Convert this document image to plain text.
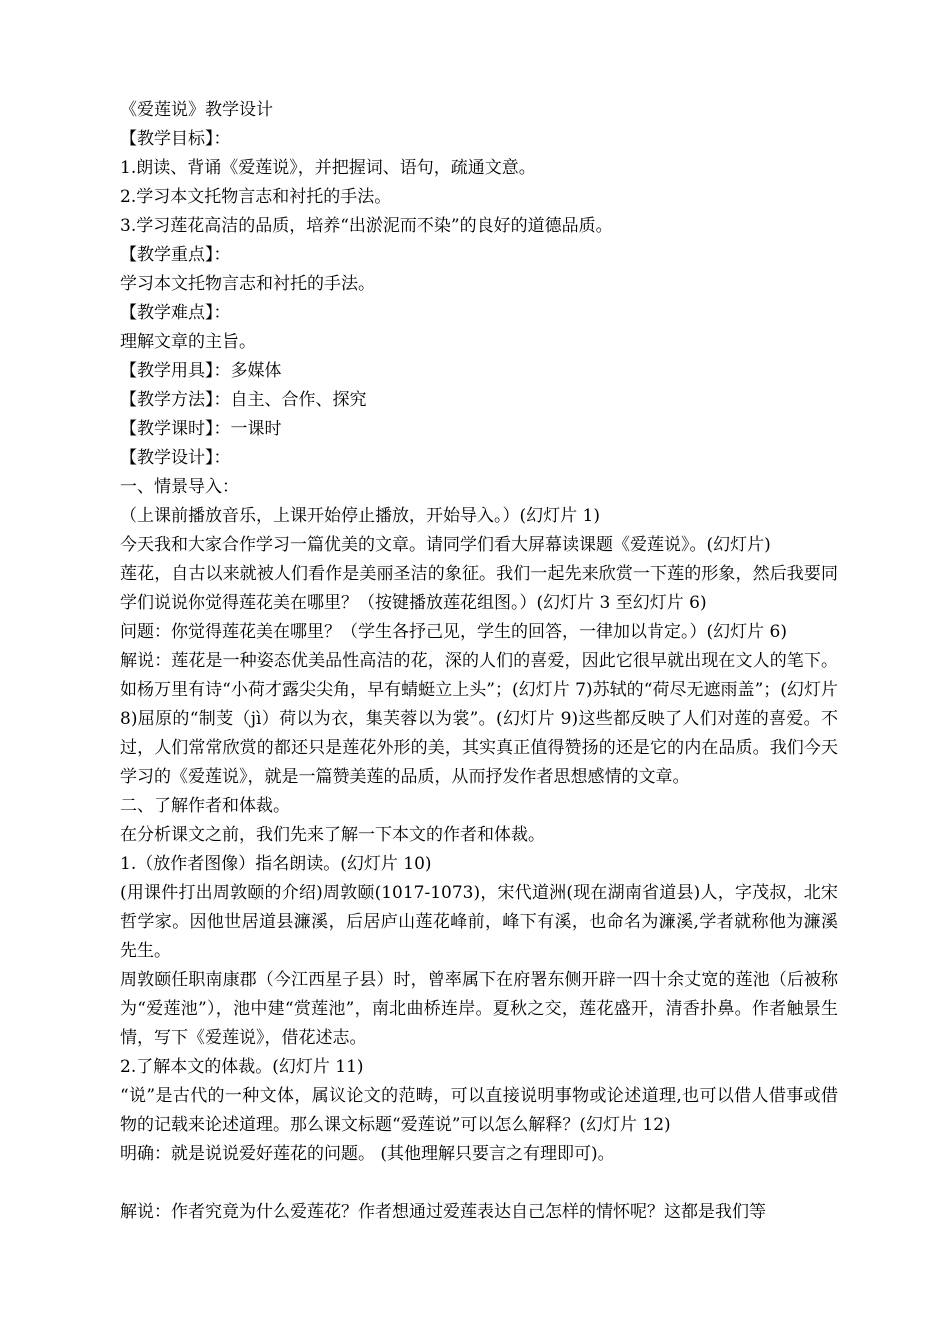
《爱莲说》教学设计

【教学目标】：

1.朗读、背诵《爱莲说》，并把握词、语句，疏通文意。

2.学习本文托物言志和衬托的手法。

3.学习莲花高洁的品质，培养“出淤泥而不染”的良好的道德品质。

【教学重点】：

学习本文托物言志和衬托的手法。

【教学难点】：

理解文章的主旨。

【教学用具】：多媒体

【教学方法】：自主、合作、探究

【教学课时】：一课时

【教学设计】：

一、情景导入：

（上课前播放音乐，上课开始停止播放，开始导入。）(幻灯片 1)

今天我和大家合作学习一篇优美的文章。请同学们看大屏幕读课题《爱莲说》。(幻灯片)

莲花，自古以来就被人们看作是美丽圣洁的象征。我们一起先来欣赏一下莲的形象，然后我要同学们说说你觉得莲花美在哪里？（按键播放莲花组图。）(幻灯片 3 至幻灯片 6)

问题：你觉得莲花美在哪里？（学生各抒己见，学生的回答，一律加以肯定。）(幻灯片 6)

解说：莲花是一种姿态优美品性高洁的花，深的人们的喜爱，因此它很早就出现在文人的笔下。如杨万里有诗“小荷才露尖尖角，早有蜻蜓立上头”；(幻灯片 7)苏轼的“荷尽无遮雨盖”；(幻灯片 8)屈原的“制芰（jì）荷以为衣，集芙蓉以为裳”。(幻灯片 9)这些都反映了人们对莲的喜爱。不过，人们常常欣赏的都还只是莲花外形的美，其实真正值得赞扬的还是它的内在品质。我们今天学习的《爱莲说》，就是一篇赞美莲的品质，从而抒发作者思想感情的文章。

二、了解作者和体裁。

在分析课文之前，我们先来了解一下本文的作者和体裁。

1.（放作者图像）指名朗读。(幻灯片 10)

(用课件打出周敦颐的介绍)周敦颐(1017-1073)，宋代道洲(现在湖南省道县)人，字茂叔，北宋哲学家。因他世居道县濂溪，后居庐山莲花峰前，峰下有溪，也命名为濂溪,学者就称他为濂溪先生。

周敦颐任职南康郡（今江西星子县）时，曾率属下在府署东侧开辟一四十余丈宽的莲池（后被称为“爱莲池”），池中建“赏莲池”，南北曲桥连岸。夏秋之交，莲花盛开，清香扑鼻。作者触景生情，写下《爱莲说》，借花述志。

2.了解本文的体裁。(幻灯片 11)

“说”是古代的一种文体，属议论文的范畴，可以直接说明事物或论述道理,也可以借人借事或借物的记载来论述道理。那么课文标题“爱莲说”可以怎么解释？(幻灯片 12)

明确：就是说说爱好莲花的问题。 (其他理解只要言之有理即可)。

解说：作者究竟为什么爱莲花？作者想通过爱莲表达自己怎样的情怀呢？这都是我们等
